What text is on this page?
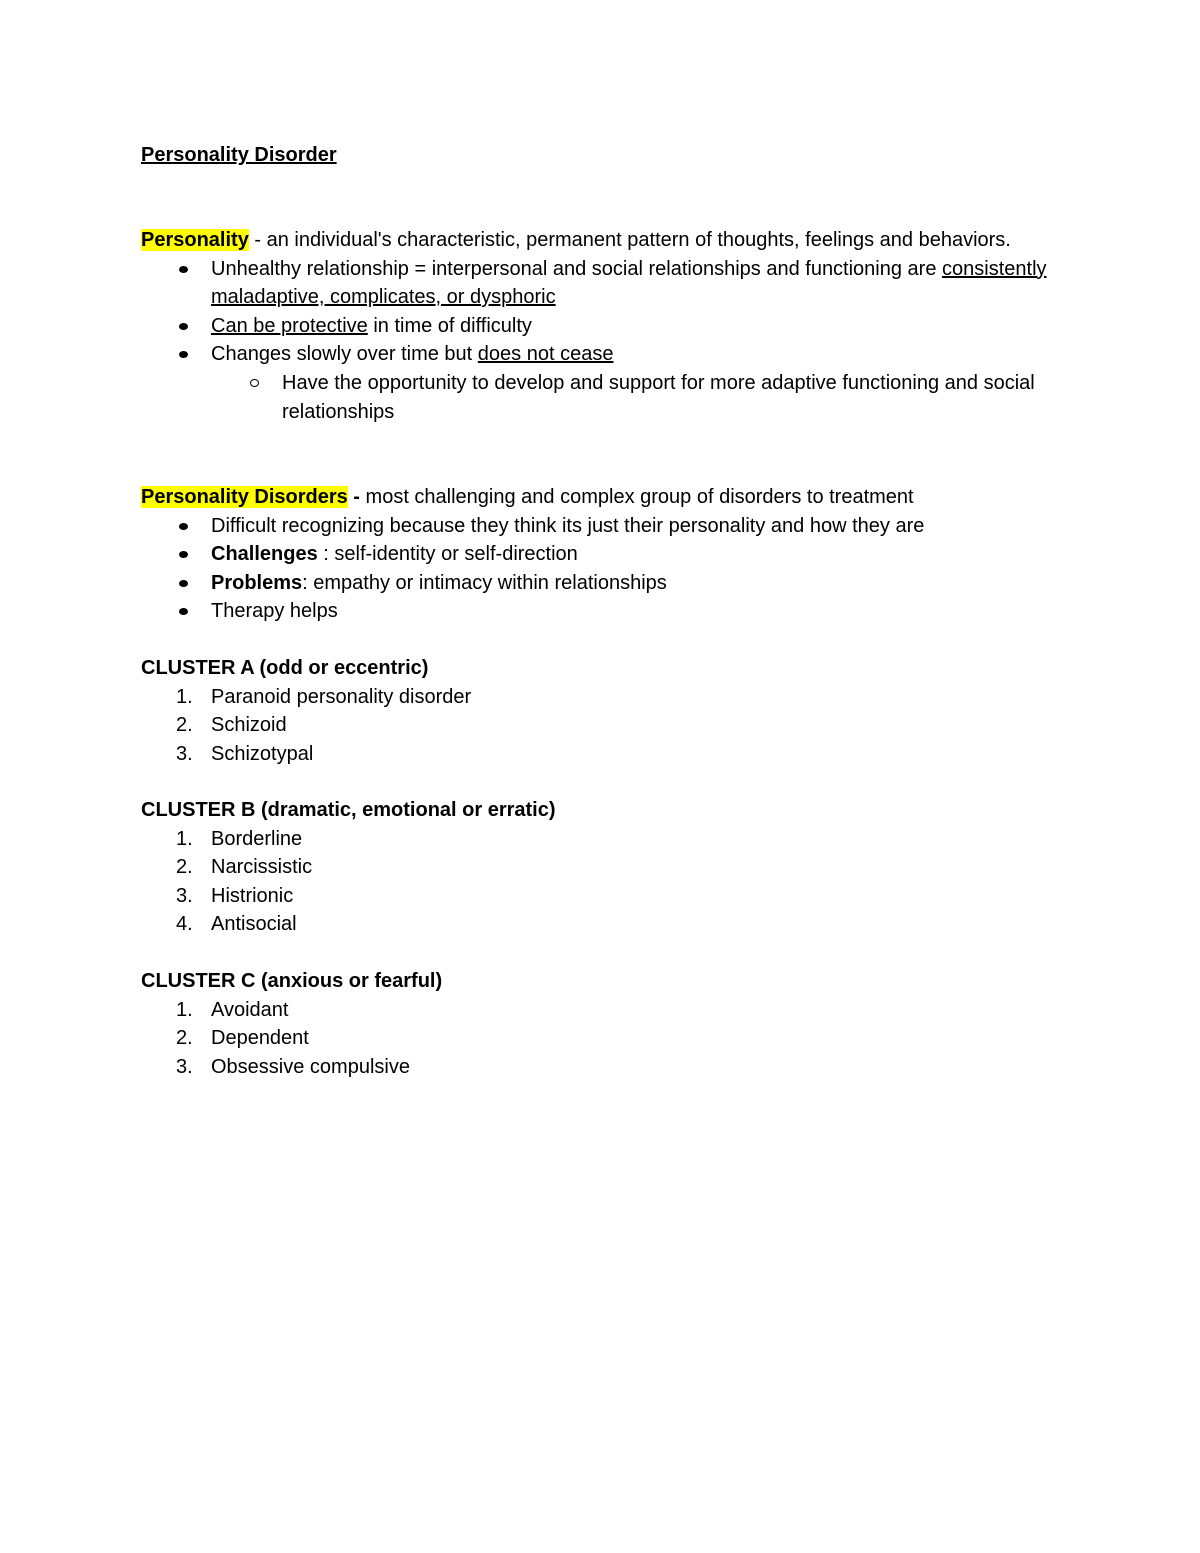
Personality Disorder

Personality - an individual's characteristic, permanent pattern of thoughts, feelings and behaviors.

Unhealthy relationship = interpersonal and social relationships and functioning are consistently maladaptive, complicates, or dysphoric
Can be protective in time of difficulty
Changes slowly over time but does not cease
Have the opportunity to develop and support for more adaptive functioning and social relationships

Personality Disorders - most challenging and complex group of disorders to treatment

Difficult recognizing because they think its just their personality and how they are
Challenges : self-identity or self-direction
Problems: empathy or intimacy within relationships
Therapy helps

CLUSTER A (odd or eccentric)

1. Paranoid personality disorder
2. Schizoid
3. Schizotypal

CLUSTER B (dramatic, emotional or erratic)

1. Borderline
2. Narcissistic
3. Histrionic
4. Antisocial

CLUSTER C (anxious or fearful)

1. Avoidant
2. Dependent
3. Obsessive compulsive
